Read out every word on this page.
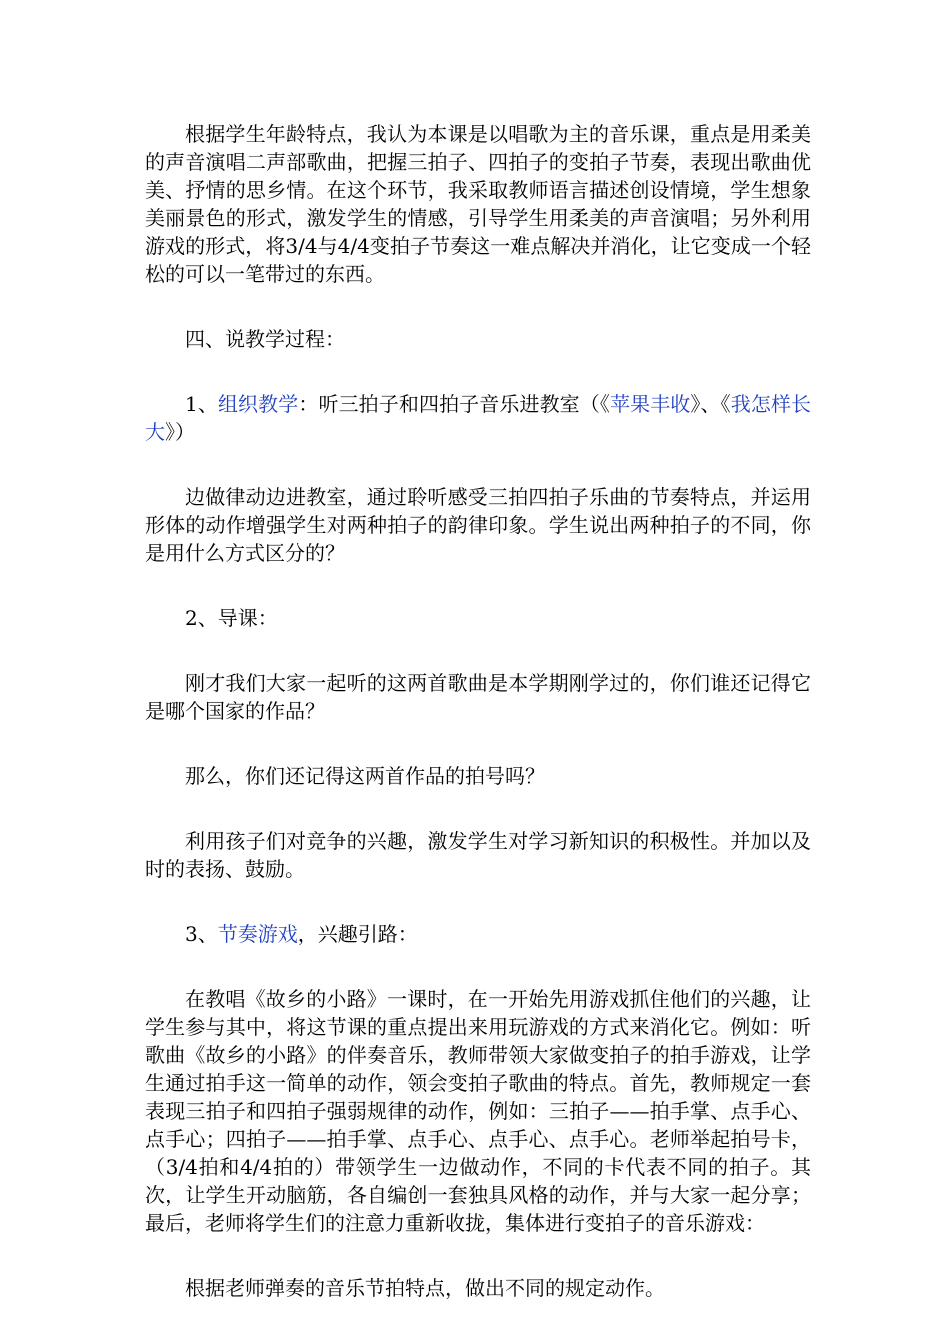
根据学生年龄特点，我认为本课是以唱歌为主的音乐课，重点是用柔美的声音演唱二声部歌曲，把握三拍子、四拍子的变拍子节奏，表现出歌曲优美、抒情的思乡情。在这个环节，我采取教师语言描述创设情境，学生想象美丽景色的形式，激发学生的情感，引导学生用柔美的声音演唱；另外利用游戏的形式，将3/4与4/4变拍子节奏这一难点解决并消化，让它变成一个轻松的可以一笔带过的东西。

四、说教学过程：

1、组织教学：听三拍子和四拍子音乐进教室（《苹果丰收》、《我怎样长大》）

边做律动边进教室，通过聆听感受三拍四拍子乐曲的节奏特点，并运用形体的动作增强学生对两种拍子的韵律印象。学生说出两种拍子的不同，你是用什么方式区分的？

2、导课：

刚才我们大家一起听的这两首歌曲是本学期刚学过的，你们谁还记得它是哪个国家的作品？

那么，你们还记得这两首作品的拍号吗？

利用孩子们对竞争的兴趣，激发学生对学习新知识的积极性。并加以及时的表扬、鼓励。

3、节奏游戏，兴趣引路：

在教唱《故乡的小路》一课时，在一开始先用游戏抓住他们的兴趣，让学生参与其中，将这节课的重点提出来用玩游戏的方式来消化它。例如：听歌曲《故乡的小路》的伴奏音乐，教师带领大家做变拍子的拍手游戏，让学生通过拍手这一简单的动作，领会变拍子歌曲的特点。首先，教师规定一套表现三拍子和四拍子强弱规律的动作，例如：三拍子——拍手掌、点手心、点手心；四拍子——拍手掌、点手心、点手心、点手心。老师举起拍号卡，（3/4拍和4/4拍的）带领学生一边做动作，不同的卡代表不同的拍子。其次，让学生开动脑筋，各自编创一套独具风格的动作，并与大家一起分享；最后，老师将学生们的注意力重新收拢，集体进行变拍子的音乐游戏：

根据老师弹奏的音乐节拍特点，做出不同的规定动作。
